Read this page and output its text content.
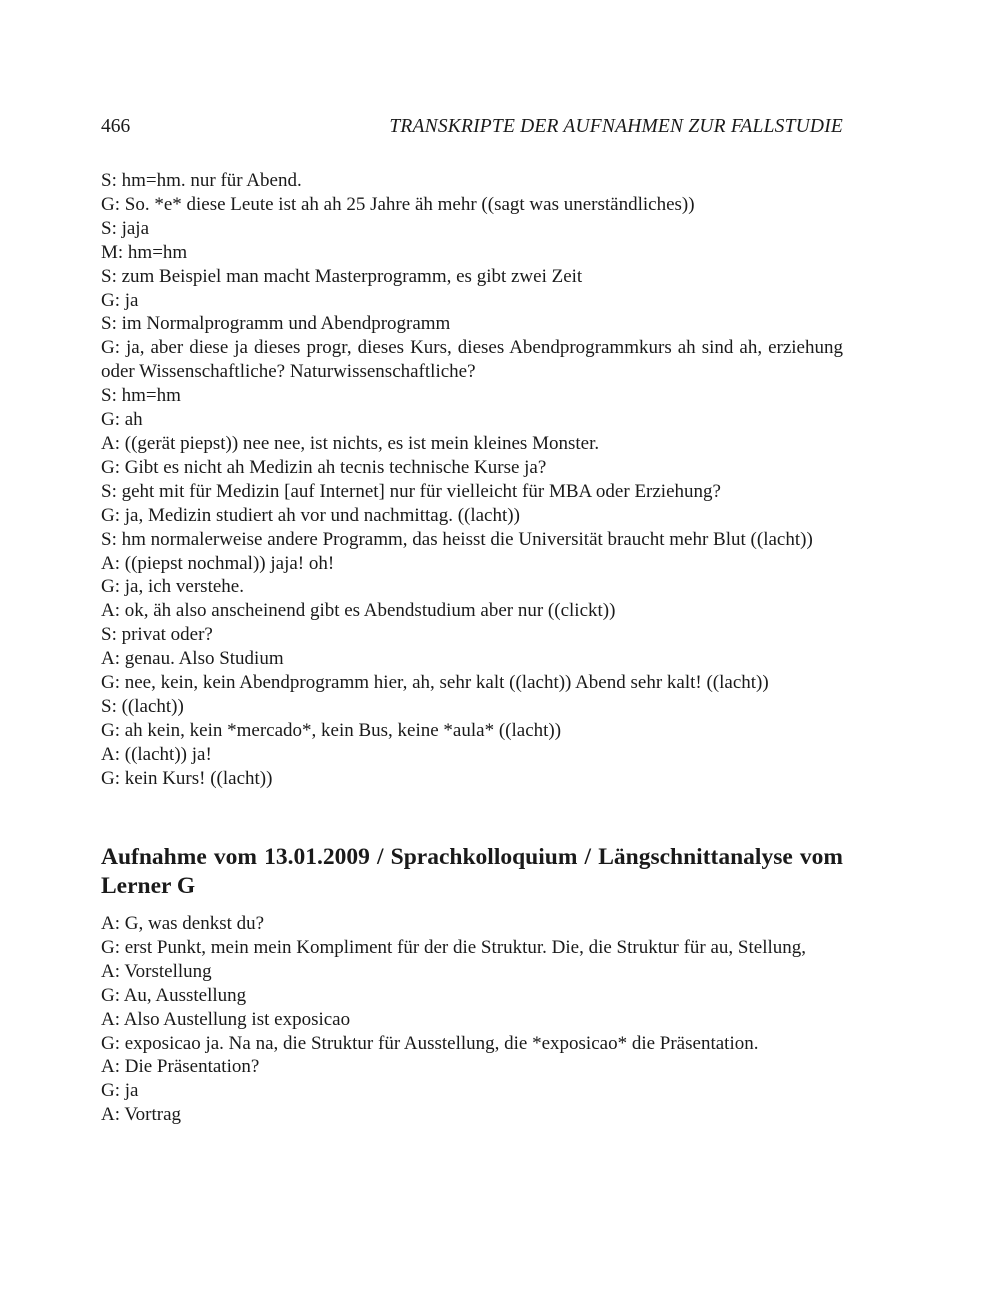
466	TRANSKRIPTE DER AUFNAHMEN ZUR FALLSTUDIE
S: hm=hm. nur für Abend.
G: So. *e* diese Leute ist ah ah 25 Jahre äh mehr ((sagt was unerständliches))
S: jaja
M: hm=hm
S: zum Beispiel man macht Masterprogramm, es gibt zwei Zeit
G: ja
S: im Normalprogramm und Abendprogramm
G: ja, aber diese ja dieses progr, dieses Kurs, dieses Abendprogrammkurs ah sind ah, erziehung oder Wissenschaftliche? Naturwissenschaftliche?
S: hm=hm
G: ah
A: ((gerät piepst)) nee nee, ist nichts, es ist mein kleines Monster.
G: Gibt es nicht ah Medizin ah tecnis technische Kurse ja?
S: geht mit für Medizin [auf Internet] nur für vielleicht für MBA oder Erziehung?
G: ja, Medizin studiert ah vor und nachmittag. ((lacht))
S: hm normalerweise andere Programm, das heisst die Universität braucht mehr Blut ((lacht))
A: ((piepst nochmal)) jaja! oh!
G: ja, ich verstehe.
A: ok, äh also anscheinend gibt es Abendstudium aber nur ((clickt))
S: privat oder?
A: genau. Also Studium
G: nee, kein, kein Abendprogramm hier, ah, sehr kalt ((lacht)) Abend sehr kalt! ((lacht))
S: ((lacht))
G: ah kein, kein *mercado*, kein Bus, keine *aula* ((lacht))
A: ((lacht)) ja!
G: kein Kurs! ((lacht))
Aufnahme vom 13.01.2009 / Sprachkolloquium / Längschnittanalyse vom Lerner G
A: G, was denkst du?
G: erst Punkt, mein mein Kompliment für der die Struktur. Die, die Struktur für au, Stellung,
A: Vorstellung
G: Au, Ausstellung
A: Also Austellung ist exposicao
G: exposicao ja. Na na, die Struktur für Ausstellung, die *exposicao* die Präsentation.
A: Die Präsentation?
G: ja
A: Vortrag
